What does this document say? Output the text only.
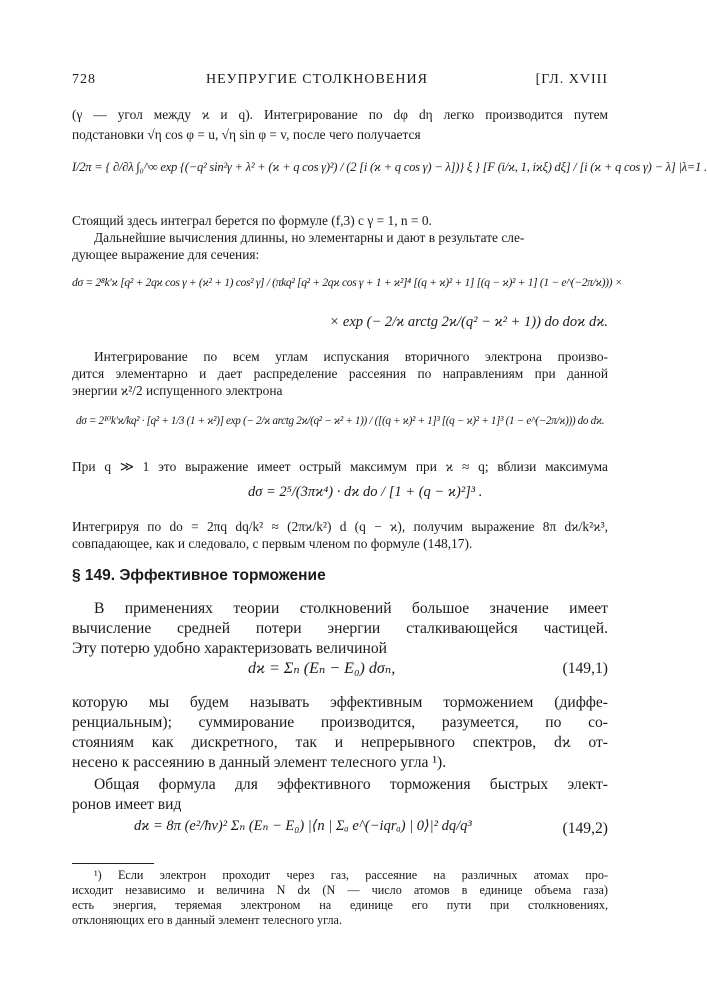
728	НЕУПРУГИЕ СТОЛКНОВЕНИЯ	[ГЛ. XVIII
(γ — угол между ϰ и q). Интегрирование по dφ dη легко производится путем
подстановки √η cos φ = u, √η sin φ = v, после чего получается
I/2π = { ∂/∂λ ∫₀^∞ exp {(−q² sin²γ + λ² + (ϰ + q cos γ)²) / (2 [i (ϰ + q cos γ) − λ])} ξ } [F (i/ϰ, 1, iϰξ) dξ] / [i (ϰ + q cos γ) − λ] |λ=1 .
Стоящий здесь интеграл берется по формуле (f,3) с γ = 1, n = 0.
Дальнейшие вычисления длинны, но элементарны и дают в результате сле-
дующее выражение для сечения:
dσ = 2⁸k′ϰ [q² + 2qϰ cos γ + (ϰ² + 1) cos² γ] / (πkq² [q² + 2qϰ cos γ + 1 + ϰ²]⁴ [(q + ϰ)² + 1] [(q − ϰ)² + 1] (1 − e^(−2π/ϰ))) ×
× exp (− 2/ϰ arctg 2ϰ/(q² − ϰ² + 1)) do doϰ dϰ.
Интегрирование по всем углам испускания вторичного электрона произво-
дится элементарно и дает распределение рассеяния по направлениям при данной
энергии ϰ²/2 испущенного электрона
dσ = 2¹⁰k′ϰ/kq² · [q² + 1/3 (1 + ϰ²)] exp (− 2/ϰ arctg 2ϰ/(q² − ϰ² + 1)) / ([(q + ϰ)² + 1]³ [(q − ϰ)² + 1]³ (1 − e^(−2π/ϰ))) do dϰ.
При q ≫ 1 это выражение имеет острый максимум при ϰ ≈ q; вблизи максимума
dσ = 2⁵/(3πϰ⁴) · dϰ do / [1 + (q − ϰ)²]³ .
Интегрируя по do = 2πq dq/k² ≈ (2πϰ/k²) d (q − ϰ), получим выражение 8π dϰ/k²ϰ³,
совпадающее, как и следовало, с первым членом по формуле (148,17).
§ 149. Эффективное торможение
В применениях теории столкновений большое значение имеет
вычисление средней потери энергии сталкивающейся частицей.
Эту потерю удобно характеризовать величиной
dϰ = Σₙ (Eₙ − E₀) dσₙ,	(149,1)
которую мы будем называть эффективным торможением (диффе-
ренциальным); суммирование производится, разумеется, по со-
стояниям как дискретного, так и непрерывного спектров, dϰ от-
несено к рассеянию в данный элемент телесного угла ¹).
Общая формула для эффективного торможения быстрых элект-
ронов имеет вид
dϰ = 8π (e²/ħv)² Σₙ (Eₙ − E₀) |⟨n | Σₐ e^(−iqrₐ) | 0⟩|² dq/q³	(149,2)
¹) Если электрон проходит через газ, рассеяние на различных атомах про-
исходит независимо и величина N dϰ (N — число атомов в единице объема газа)
есть энергия, теряемая электроном на единице его пути при столкновениях,
отклоняющих его в данный элемент телесного угла.
